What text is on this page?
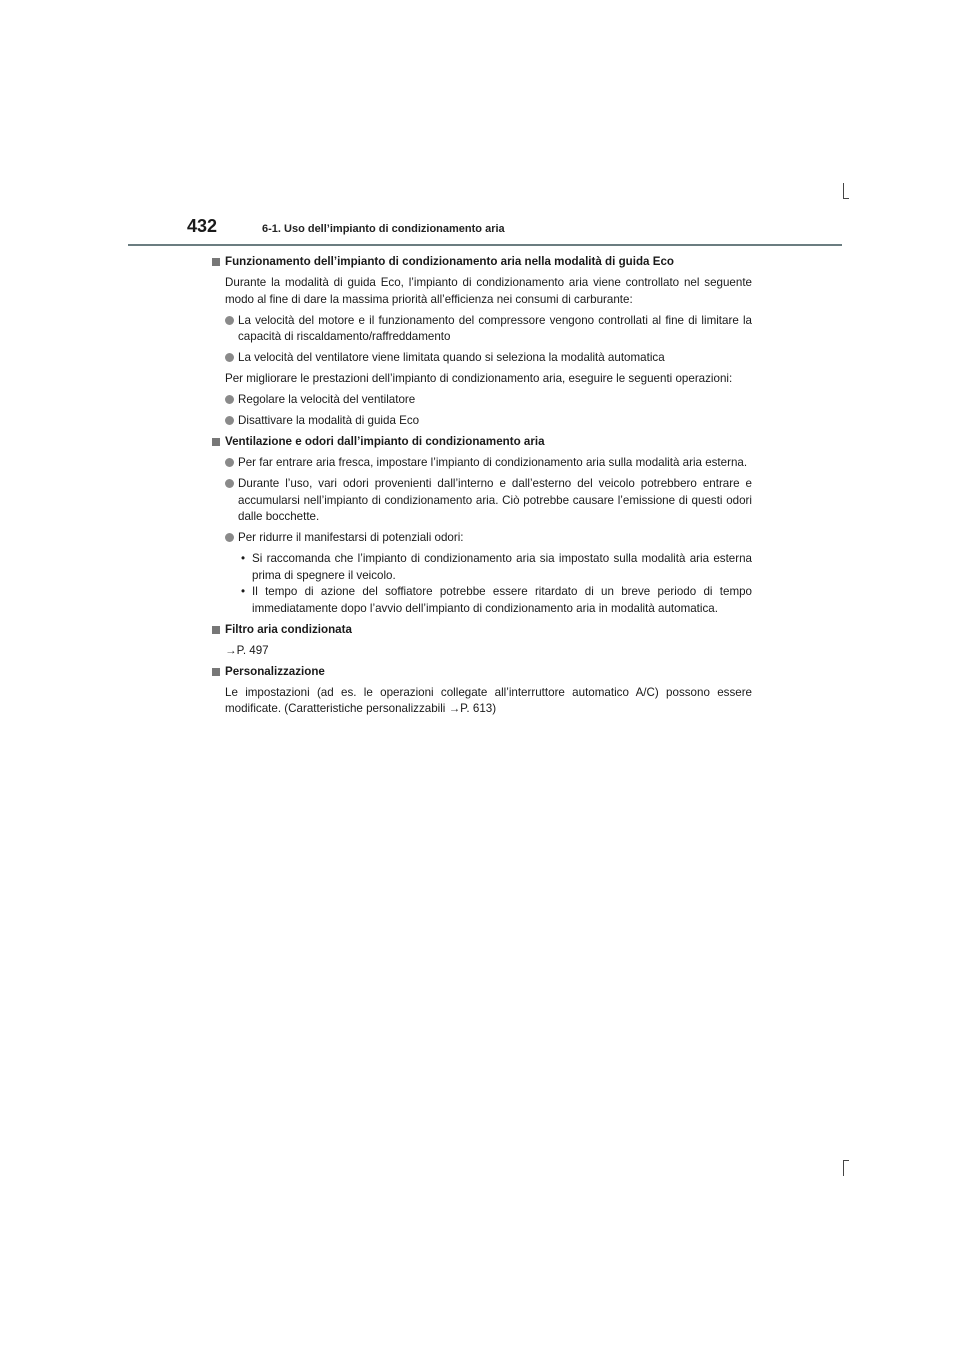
432	6-1. Uso dell’impianto di condizionamento aria

Funzionamento dell’impianto di condizionamento aria nella modalità di guida Eco

Durante la modalità di guida Eco, l’impianto di condizionamento aria viene controllato nel seguente modo al fine di dare la massima priorità all’efficienza nei consumi di carburante:

La velocità del motore e il funzionamento del compressore vengono controllati al fine di limitare la capacità di riscaldamento/raffreddamento

La velocità del ventilatore viene limitata quando si seleziona la modalità automatica

Per migliorare le prestazioni dell’impianto di condizionamento aria, eseguire le seguenti operazioni:

Regolare la velocità del ventilatore

Disattivare la modalità di guida Eco

Ventilazione e odori dall’impianto di condizionamento aria

Per far entrare aria fresca, impostare l’impianto di condizionamento aria sulla modalità aria esterna.

Durante l’uso, vari odori provenienti dall’interno e dall’esterno del veicolo potrebbero entrare e accumularsi nell’impianto di condizionamento aria. Ciò potrebbe causare l’emissione di questi odori dalle bocchette.

Per ridurre il manifestarsi di potenziali odori:

• Si raccomanda che l’impianto di condizionamento aria sia impostato sulla modalità aria esterna prima di spegnere il veicolo.

• Il tempo di azione del soffiatore potrebbe essere ritardato di un breve periodo di tempo immediatamente dopo l’avvio dell’impianto di condizionamento aria in modalità automatica.

Filtro aria condizionata

→P. 497

Personalizzazione

Le impostazioni (ad es. le operazioni collegate all’interruttore automatico A/C) possono essere modificate. (Caratteristiche personalizzabili →P. 613)
